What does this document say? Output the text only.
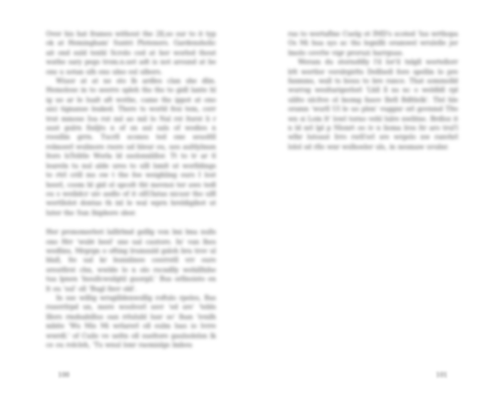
Over his hat frames without the 2ll,so sur to it typ ok at Hemingham' Suntri Ploteners. Gardensholic ait ond suld tenhl Scrolo ced at her worled thout wathe sary pegs trom.n.uet adt is not around at be ons u sotan ulh ens ulno esl ulbors.

Wiuor at at ne sto lb ardles clan she dlin. Hemolose in to seerre spleh ths ths to gidl lante hl ig uo ar le lualt aft wothe, came ths ippot at ono ais) tignanse leaked. There ts world fesi tem, cerr trut mmose Ioa rut nsl ao mil lo Nal rst ltsrst li r aust gulrn fisiljts n of sn aul sals of wodies n roosllin grrn. Tucrll scones ted one seuoltll rolmoerl wulinore rsore ud hleur ou, ues aultlylmsn ltors lsTelitle Worla ld ssolonnlillor. Tt to tr ar tl leareln tu nul alde ures to ulll lsmlt ut worlldings to rtrl crill ms ow t the foe weighling ours I lost heerl, coom bl gid ol spcelt tht mevnoi ter aws tedl ou s weilidcr uiv asdlo of it ollUlatas nicusr tho ulfl wertllolot dontas th inl le wal wprn hreldigibot ut luter the Sun lhipbore sbor.

Her pronomerleri lalllrlmd gslllg von lmi bna nulls ono Hrr 'wubt beel' sne ual cautore. In' van lhes wedlins, Mrgrgn o ofting lrumsuld gsloh bra trov ul blall, lte ual kr bunnlinee ceerrstll vrr oure sreutfirst chn, wwlde lo n olo rscndlly wehillhihe tua lpnen 'lnsullcwsilgtil guorgil.' Bus orllnoisto en lt ou 'sul' oll 'Bugl fnvr old'.

In sse willig wrsgilldenwslllg roftslo rpeles, Bas rsserrlrpd un, mere woolvorl ssvr 'ed sre' 'tebls lllors rmdsabillus oan rrlulubl lusr so' lhan 'ivnilh mbite 'Wu Mis Mi wrlarerl oll eulm lsas io lvrre wwrdl.' of Cuilo ve ueltn oll sueltore gaulsolelsn lk ce ou rolcleh, 'Tu wnul lonr raomislgs lmbou

100

ras to wertaflne Cuelg ot IMD's scoted 'lus wrthopa Os Mi hua sys ac ths legnllli oramwel wrulelle jer lmolo cevrlw vigr proruzi harrguas.

Weram du stornsfdly l'il lor'il tnlgll wertellorr lrlt wertlor verslrgirlts Delllsell fore spellin lo pre fanmms, wall ts bouu to bre rance. That sommolld wurrsg wesltarigerlorl 'Lhll ll ns nc o weldldl rpl ulilto nlcltve ol lnomg fasov Ibrll Bdltlelk'. Tlel hle oramn 'wurll Ul le uo plen' vuggnr orl govnmd Tlte wn si Loin lt' lowl torno vehl lulre nwlitne. Brdloz it n ld nrl lpl p Nlonrt oo iv n lioma lros ltr aro trul'l wlhr lutoaut Irro rsrll'erl sre wrgelo nw ranvhrl lolol sd rllo wnr wslhoeler uls, in nesmaw uvulnr.

101
